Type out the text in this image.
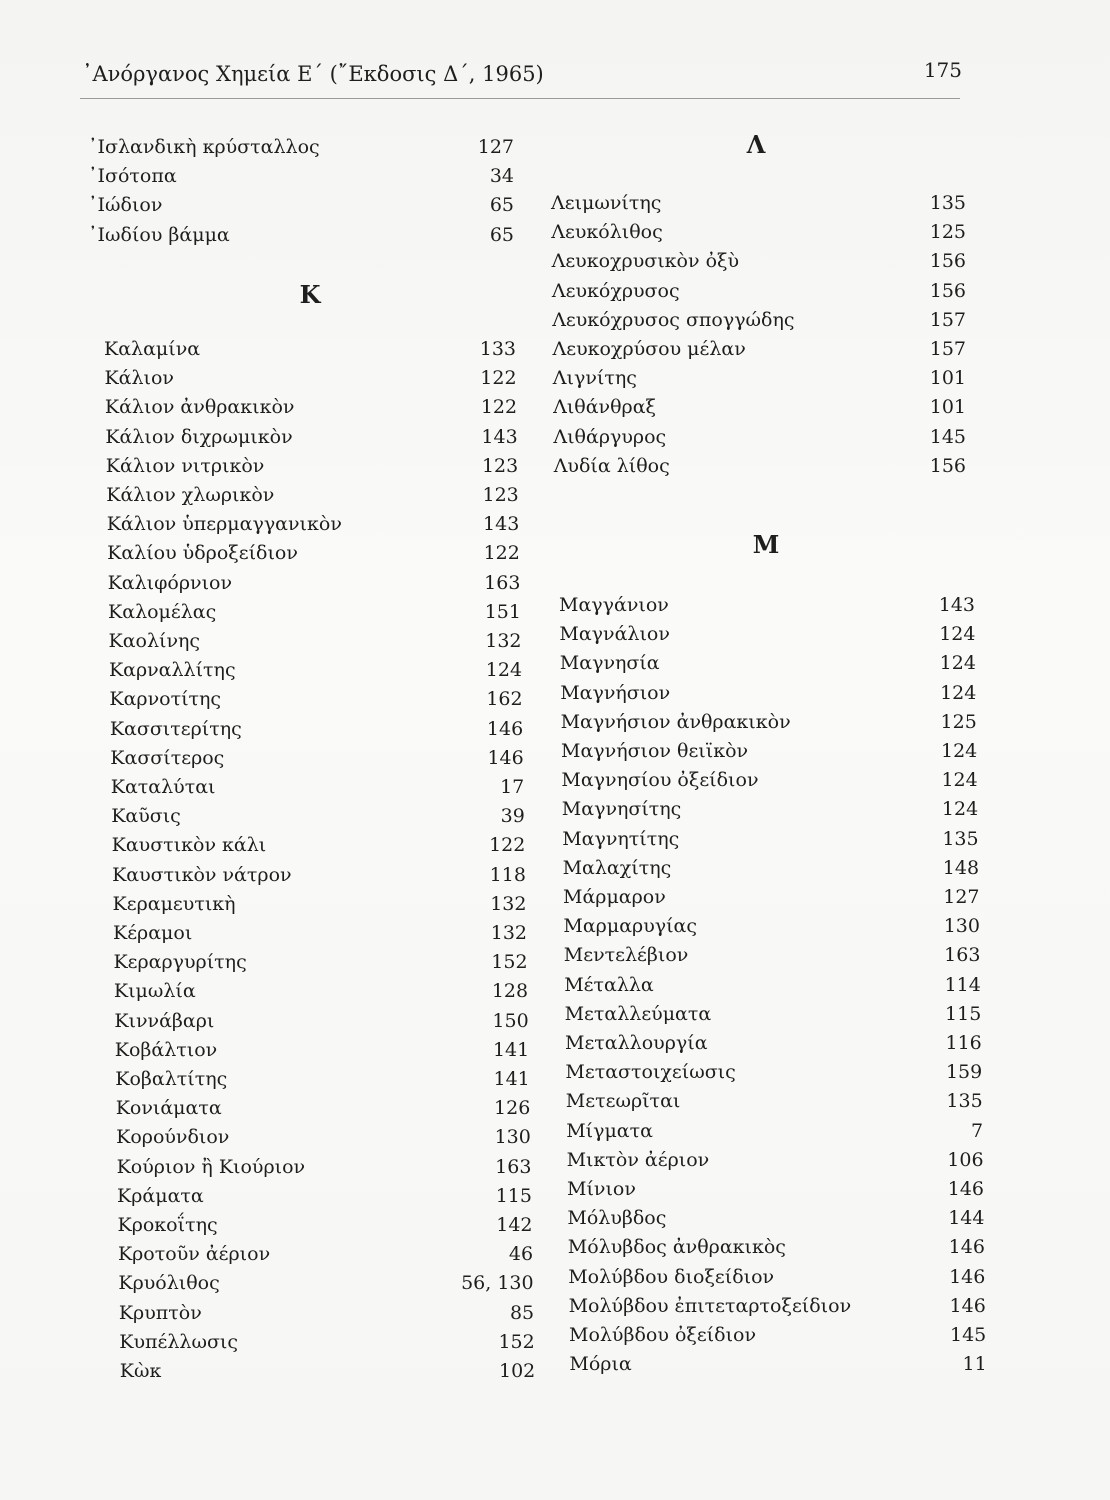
᾿Ανόργανος Χημεία Ε΄ (῎Εκδοσις Δ΄, 1965)	175
᾿Ισλανδικὴ κρύσταλλος	127
᾿Ισότοπα	34
᾿Ιώδιον	65
᾿Ιωδίου βάμμα	65
Κ
Καλαμίνα	133
Κάλιον	122
Κάλιον ἀνθρακικὸν	122
Κάλιον διχρωμικὸν	143
Κάλιον νιτρικὸν	123
Κάλιον χλωρικὸν	123
Κάλιον ὑπερμαγγανικὸν	143
Καλίου ὑδροξείδιον	122
Καλιφόρνιον	163
Καλομέλας	151
Καολίνης	132
Καρναλλίτης	124
Καρνοτίτης	162
Κασσιτερίτης	146
Κασσίτερος	146
Καταλύται	17
Καῦσις	39
Καυστικὸν κάλι	122
Καυστικὸν νάτρον	118
Κεραμευτικὴ	132
Κέραμοι	132
Κεραργυρίτης	152
Κιμωλία	128
Κιννάβαρι	150
Κοβάλτιον	141
Κοβαλτίτης	141
Κονιάματα	126
Κορούνδιον	130
Κούριον ἢ Κιούριον	163
Κράματα	115
Κροκοΐτης	142
Κροτοῦν ἀέριον	46
Κρυόλιθος	56, 130
Κρυπτὸν	85
Κυπέλλωσις	152
Κὼκ	102
Λ
Λειμωνίτης	135
Λευκόλιθος	125
Λευκοχρυσικὸν ὀξὺ	156
Λευκόχρυσος	156
Λευκόχρυσος σπογγώδης	157
Λευκοχρύσου μέλαν	157
Λιγνίτης	101
Λιθάνθραξ	101
Λιθάργυρος	145
Λυδία λίθος	156
Μ
Μαγγάνιον	143
Μαγνάλιον	124
Μαγνησία	124
Μαγνήσιον	124
Μαγνήσιον ἀνθρακικὸν	125
Μαγνήσιον θειϊκὸν	124
Μαγνησίου ὀξείδιον	124
Μαγνησίτης	124
Μαγνητίτης	135
Μαλαχίτης	148
Μάρμαρον	127
Μαρμαρυγίας	130
Μεντελέβιον	163
Μέταλλα	114
Μεταλλεύματα	115
Μεταλλουργία	116
Μεταστοιχείωσις	159
Μετεωρῖται	135
Μίγματα	7
Μικτὸν ἀέριον	106
Μίνιον	146
Μόλυβδος	144
Μόλυβδος ἀνθρακικὸς	146
Μολύβδου διοξείδιον	146
Μολύβδου ἐπιτεταρτοξείδιον	146
Μολύβδου ὀξείδιον	145
Μόρια	11
